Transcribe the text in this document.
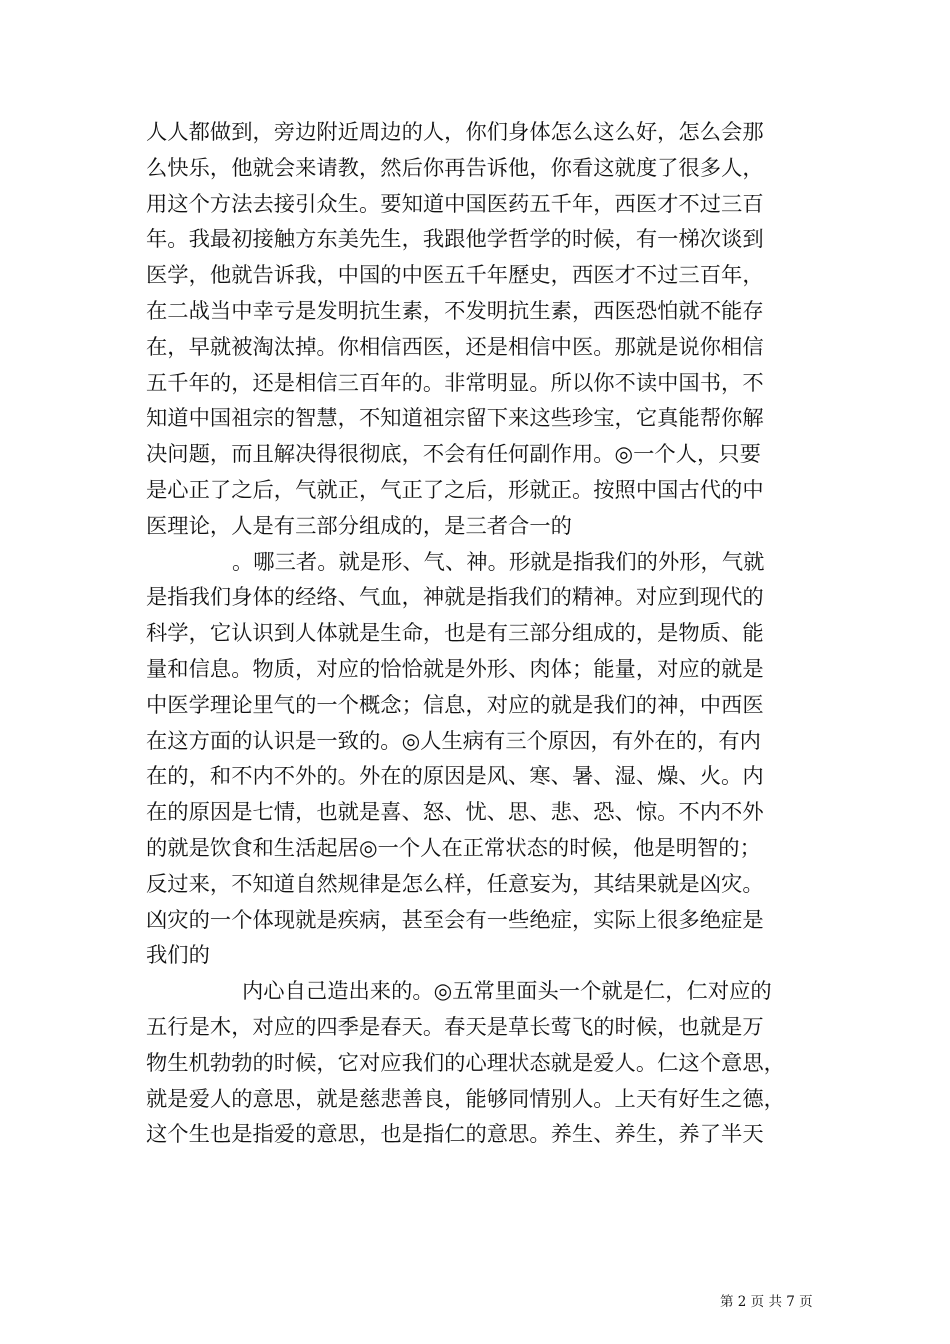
人人都做到，旁边附近周边的人，你们身体怎么这么好，怎么会那
么快乐，他就会来请教，然后你再告诉他，你看这就度了很多人，
用这个方法去接引众生。要知道中国医药五千年，西医才不过三百
年。我最初接触方东美先生，我跟他学哲学的时候，有一梯次谈到
医学，他就告诉我，中国的中医五千年歷史，西医才不过三百年，
在二战当中幸亏是发明抗生素，不发明抗生素，西医恐怕就不能存
在，早就被淘汰掉。你相信西医，还是相信中医。那就是说你相信
五千年的，还是相信三百年的。非常明显。所以你不读中国书，不
知道中国祖宗的智慧，不知道祖宗留下来这些珍宝，它真能帮你解
决问题，而且解决得很彻底，不会有任何副作用。◎一个人，只要
是心正了之后，气就正，气正了之后，形就正。按照中国古代的中
医理论，人是有三部分组成的，是三者合一的
。哪三者。就是形、气、神。形就是指我们的外形，气就
是指我们身体的经络、气血，神就是指我们的精神。对应到现代的
科学，它认识到人体就是生命，也是有三部分组成的，是物质、能
量和信息。物质，对应的恰恰就是外形、肉体；能量，对应的就是
中医学理论里气的一个概念；信息，对应的就是我们的神，中西医
在这方面的认识是一致的。◎人生病有三个原因，有外在的，有内
在的，和不内不外的。外在的原因是风、寒、暑、湿、燥、火。内
在的原因是七情，也就是喜、怒、忧、思、悲、恐、惊。不内不外
的就是饮食和生活起居◎一个人在正常状态的时候，他是明智的；
反过来，不知道自然规律是怎么样，任意妄为，其结果就是凶灾。
凶灾的一个体现就是疾病，甚至会有一些绝症，实际上很多绝症是
我们的
内心自己造出来的。◎五常里面头一个就是仁，仁对应的
五行是木，对应的四季是春天。春天是草长莺飞的时候，也就是万
物生机勃勃的时候，它对应我们的心理状态就是爱人。仁这个意思，
就是爱人的意思，就是慈悲善良，能够同情别人。上天有好生之德，
这个生也是指爱的意思，也是指仁的意思。养生、养生，养了半天
第 2 页 共 7 页
